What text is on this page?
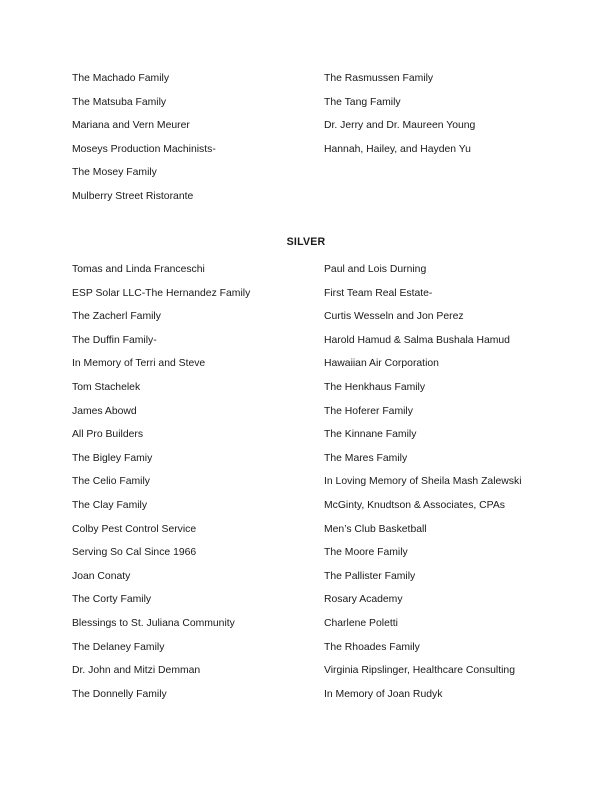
The Machado Family
The Matsuba Family
Mariana and Vern Meurer
Moseys Production Machinists-
The Mosey Family
Mulberry Street Ristorante
The Rasmussen Family
The Tang Family
Dr. Jerry and Dr. Maureen Young
Hannah, Hailey, and Hayden Yu
SILVER
Tomas and Linda Franceschi
ESP Solar LLC-The Hernandez Family
The Zacherl Family
The Duffin Family-
In Memory of Terri and Steve
Tom Stachelek
James Abowd
All Pro Builders
The Bigley Famiy
The Celio Family
The Clay Family
Colby Pest Control Service
Serving So Cal Since 1966
Joan Conaty
The Corty Family
Blessings to St. Juliana Community
The Delaney Family
Dr. John and Mitzi Demman
The Donnelly Family
Paul and Lois Durning
First Team Real Estate-
Curtis Wesseln and Jon Perez
Harold Hamud & Salma Bushala Hamud
Hawaiian Air Corporation
The Henkhaus Family
The Hoferer Family
The Kinnane Family
The Mares Family
In Loving Memory of Sheila Mash Zalewski
McGinty, Knudtson & Associates, CPAs
Men’s Club Basketball
The Moore Family
The Pallister Family
Rosary Academy
Charlene Poletti
The Rhoades Family
Virginia Ripslinger, Healthcare Consulting
In Memory of Joan Rudyk
